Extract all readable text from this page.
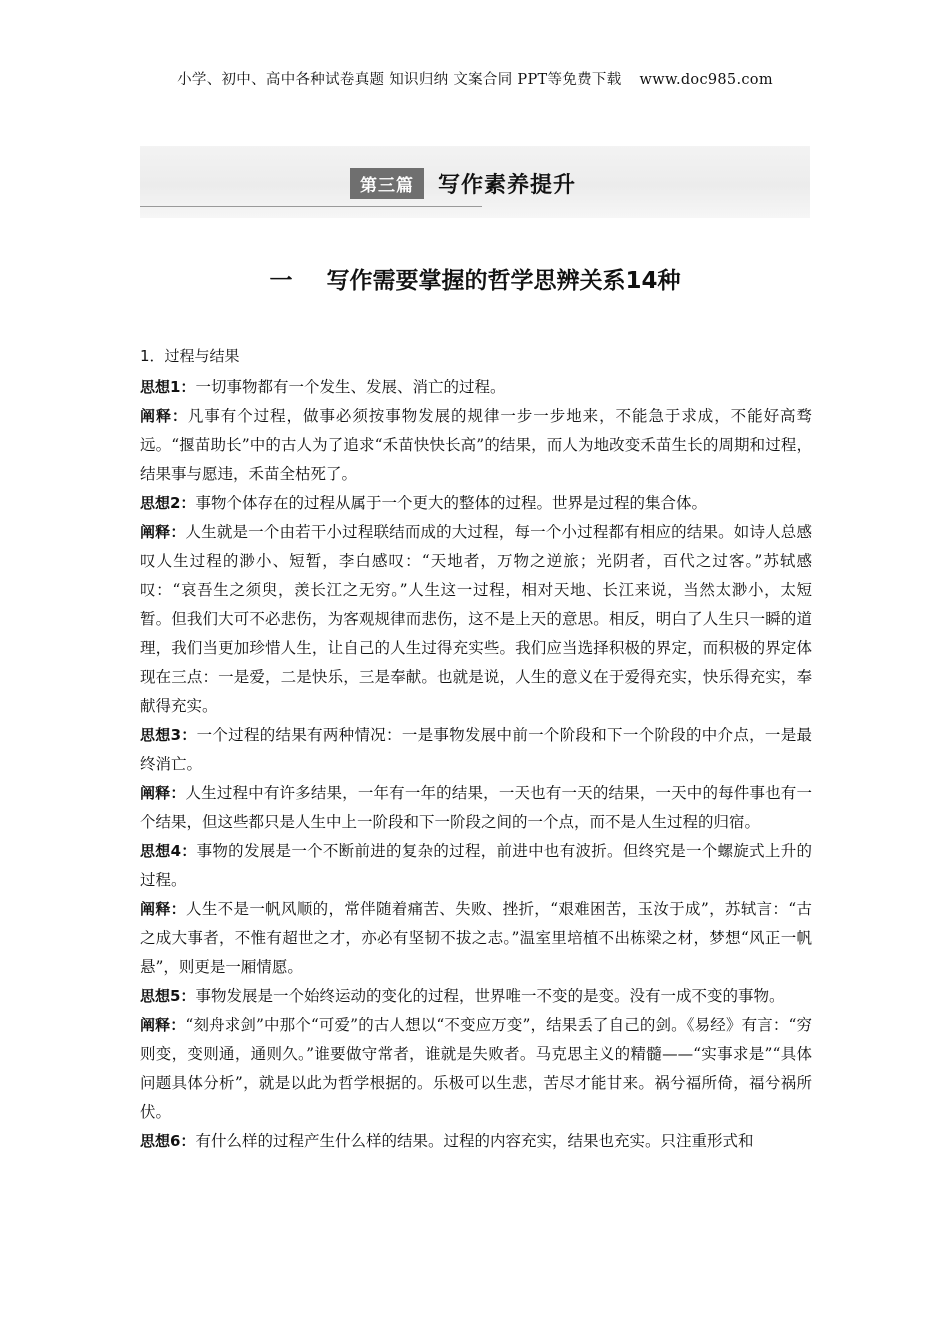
小学、初中、高中各种试卷真题 知识归纳 文案合同 PPT等免费下载 www.doc985.com
第三篇	写作素养提升
一 写作需要掌握的哲学思辨关系14种

1．过程与结果

思想1：一切事物都有一个发生、发展、消亡的过程。

阐释：凡事有个过程，做事必须按事物发展的规律一步一步地来，不能急于求成，不能好高骛远。“揠苗助长”中的古人为了追求“禾苗快快长高”的结果，而人为地改变禾苗生长的周期和过程，结果事与愿违，禾苗全枯死了。

思想2：事物个体存在的过程从属于一个更大的整体的过程。世界是过程的集合体。

阐释：人生就是一个由若干小过程联结而成的大过程，每一个小过程都有相应的结果。如诗人总感叹人生过程的渺小、短暂，李白感叹：“天地者，万物之逆旅；光阴者，百代之过客。”苏轼感叹：“哀吾生之须臾，羡长江之无穷。”人生这一过程，相对天地、长江来说，当然太渺小，太短暂。但我们大可不必悲伤，为客观规律而悲伤，这不是上天的意思。相反，明白了人生只一瞬的道理，我们当更加珍惜人生，让自己的人生过得充实些。我们应当选择积极的界定，而积极的界定体现在三点：一是爱，二是快乐，三是奉献。也就是说，人生的意义在于爱得充实，快乐得充实，奉献得充实。

思想3：一个过程的结果有两种情况：一是事物发展中前一个阶段和下一个阶段的中介点，一是最终消亡。

阐释：人生过程中有许多结果，一年有一年的结果，一天也有一天的结果，一天中的每件事也有一个结果，但这些都只是人生中上一阶段和下一阶段之间的一个点，而不是人生过程的归宿。

思想4：事物的发展是一个不断前进的复杂的过程，前进中也有波折。但终究是一个螺旋式上升的过程。

阐释：人生不是一帆风顺的，常伴随着痛苦、失败、挫折，“艰难困苦，玉汝于成”，苏轼言：“古之成大事者，不惟有超世之才，亦必有坚韧不拔之志。”温室里培植不出栋梁之材，梦想“风正一帆悬”，则更是一厢情愿。

思想5：事物发展是一个始终运动的变化的过程，世界唯一不变的是变。没有一成不变的事物。

阐释：“刻舟求剑”中那个“可爱”的古人想以“不变应万变”，结果丢了自己的剑。《易经》有言：“穷则变，变则通，通则久。”谁要做守常者，谁就是失败者。马克思主义的精髓——“实事求是”“具体问题具体分析”，就是以此为哲学根据的。乐极可以生悲，苦尽才能甘来。祸兮福所倚，福兮祸所伏。

思想6：有什么样的过程产生什么样的结果。过程的内容充实，结果也充实。只注重形式和
